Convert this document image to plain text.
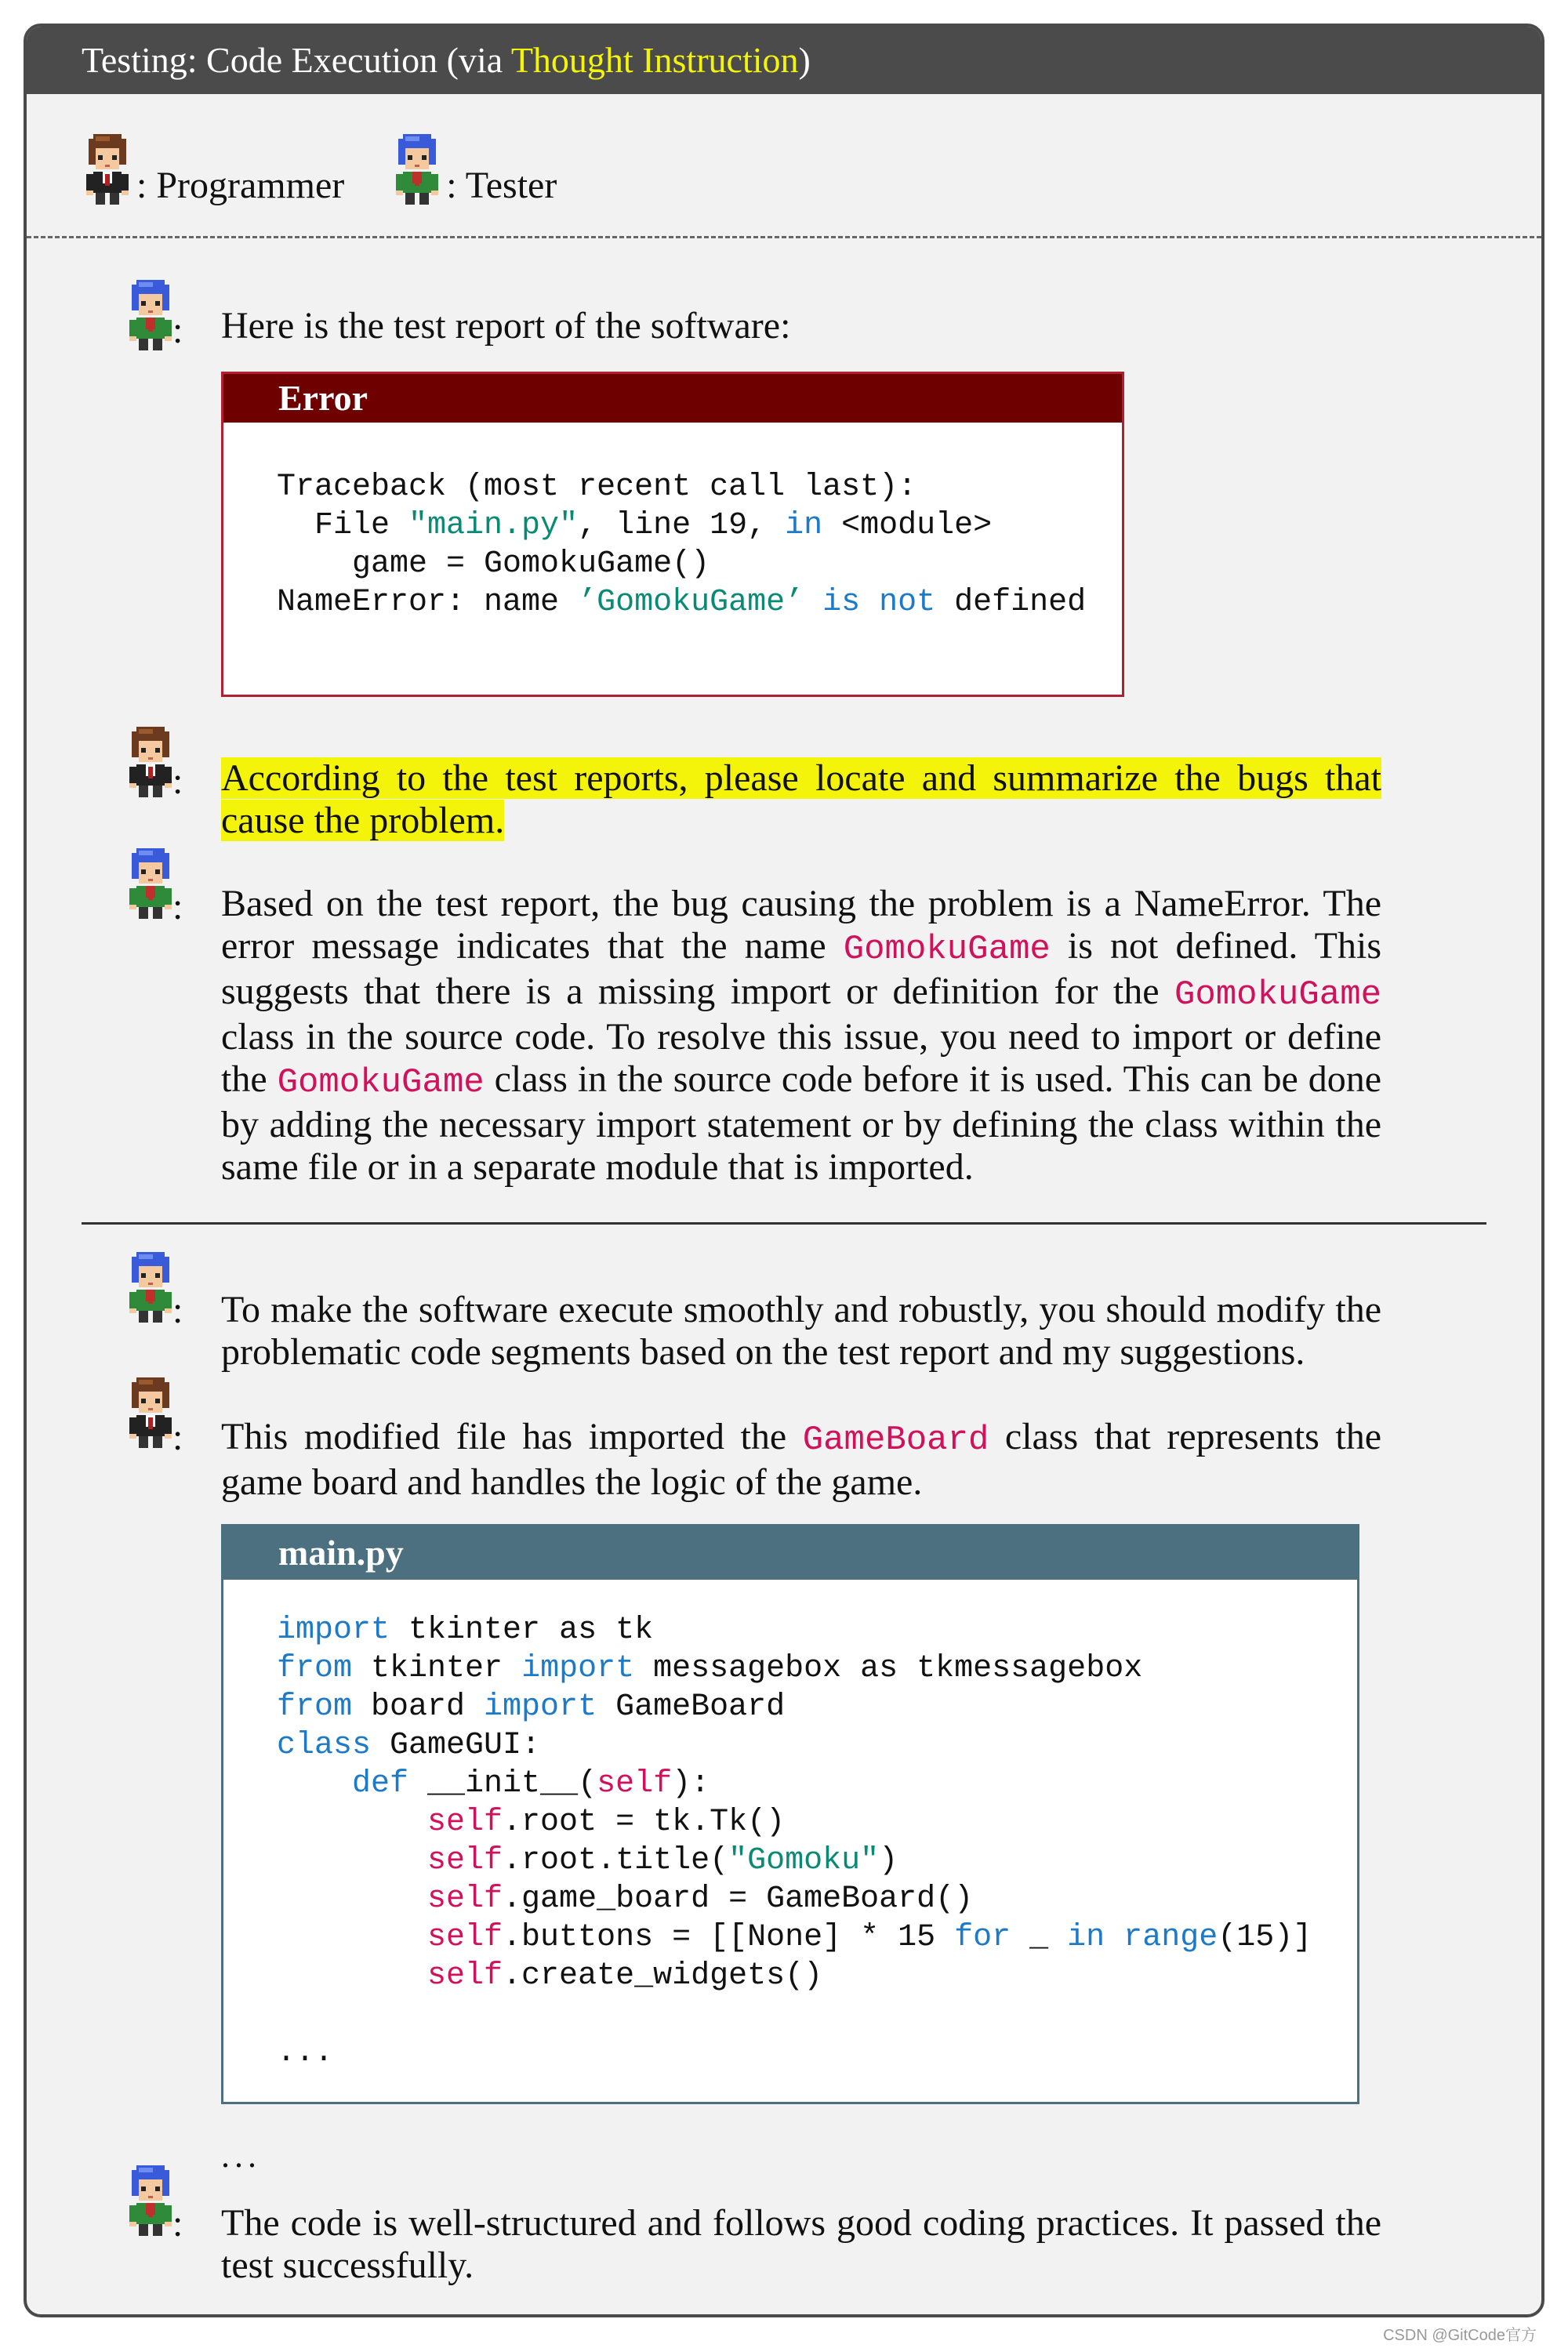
Testing: Code Execution (via Thought Instruction)
: Programmer	: Tester
: Here is the test report of the software:
Error
Traceback (most recent call last):
File "main.py", line 19, in <module>
game = GomokuGame()
NameError: name ’GomokuGame’ is not defined
: According to the test reports, please locate and summarize the bugs that cause the problem.
: Based on the test report, the bug causing the problem is a NameError. The error message indicates that the name GomokuGame is not defined. This suggests that there is a missing import or definition for the GomokuGame class in the source code. To resolve this issue, you need to import or define the GomokuGame class in the source code before it is used. This can be done by adding the necessary import statement or by defining the class within the same file or in a separate module that is imported.
: To make the software execute smoothly and robustly, you should modify the problematic code segments based on the test report and my suggestions.
: This modified file has imported the GameBoard class that represents the game board and handles the logic of the game.
main.py
import tkinter as tk
from tkinter import messagebox as tkmessagebox
from board import GameBoard
class GameGUI:
def __init__(self):
self.root = tk.Tk()
self.root.title("Gomoku")
self.game_board = GameBoard()
self.buttons = [[None] * 15 for _ in range(15)]
self.create_widgets()

...
...
: The code is well-structured and follows good coding practices. It passed the test successfully.
CSDN @GitCode官方
